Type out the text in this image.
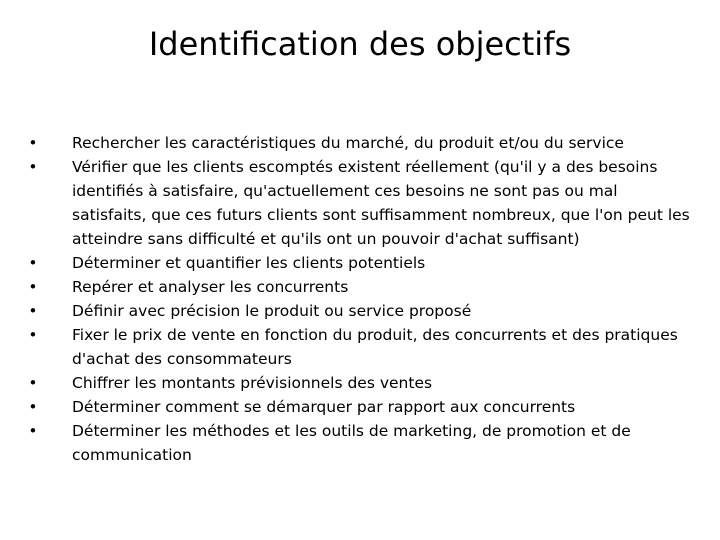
Identification des objectifs
• Rechercher les caractéristiques du marché, du produit et/ou du service
• Vérifier que les clients escomptés existent réellement (qu'il y a des besoins identifiés à satisfaire, qu'actuellement ces besoins ne sont pas ou mal satisfaits, que ces futurs clients sont suffisamment nombreux, que l'on peut les atteindre sans difficulté et qu'ils ont un pouvoir d'achat suffisant)
• Déterminer et quantifier les clients potentiels
• Repérer et analyser les concurrents
• Définir avec précision le produit ou service proposé
• Fixer le prix de vente en fonction du produit, des concurrents et des pratiques d'achat des consommateurs
• Chiffrer les montants prévisionnels des ventes
• Déterminer comment se démarquer par rapport aux concurrents
• Déterminer les méthodes et les outils de marketing, de promotion et de communication
